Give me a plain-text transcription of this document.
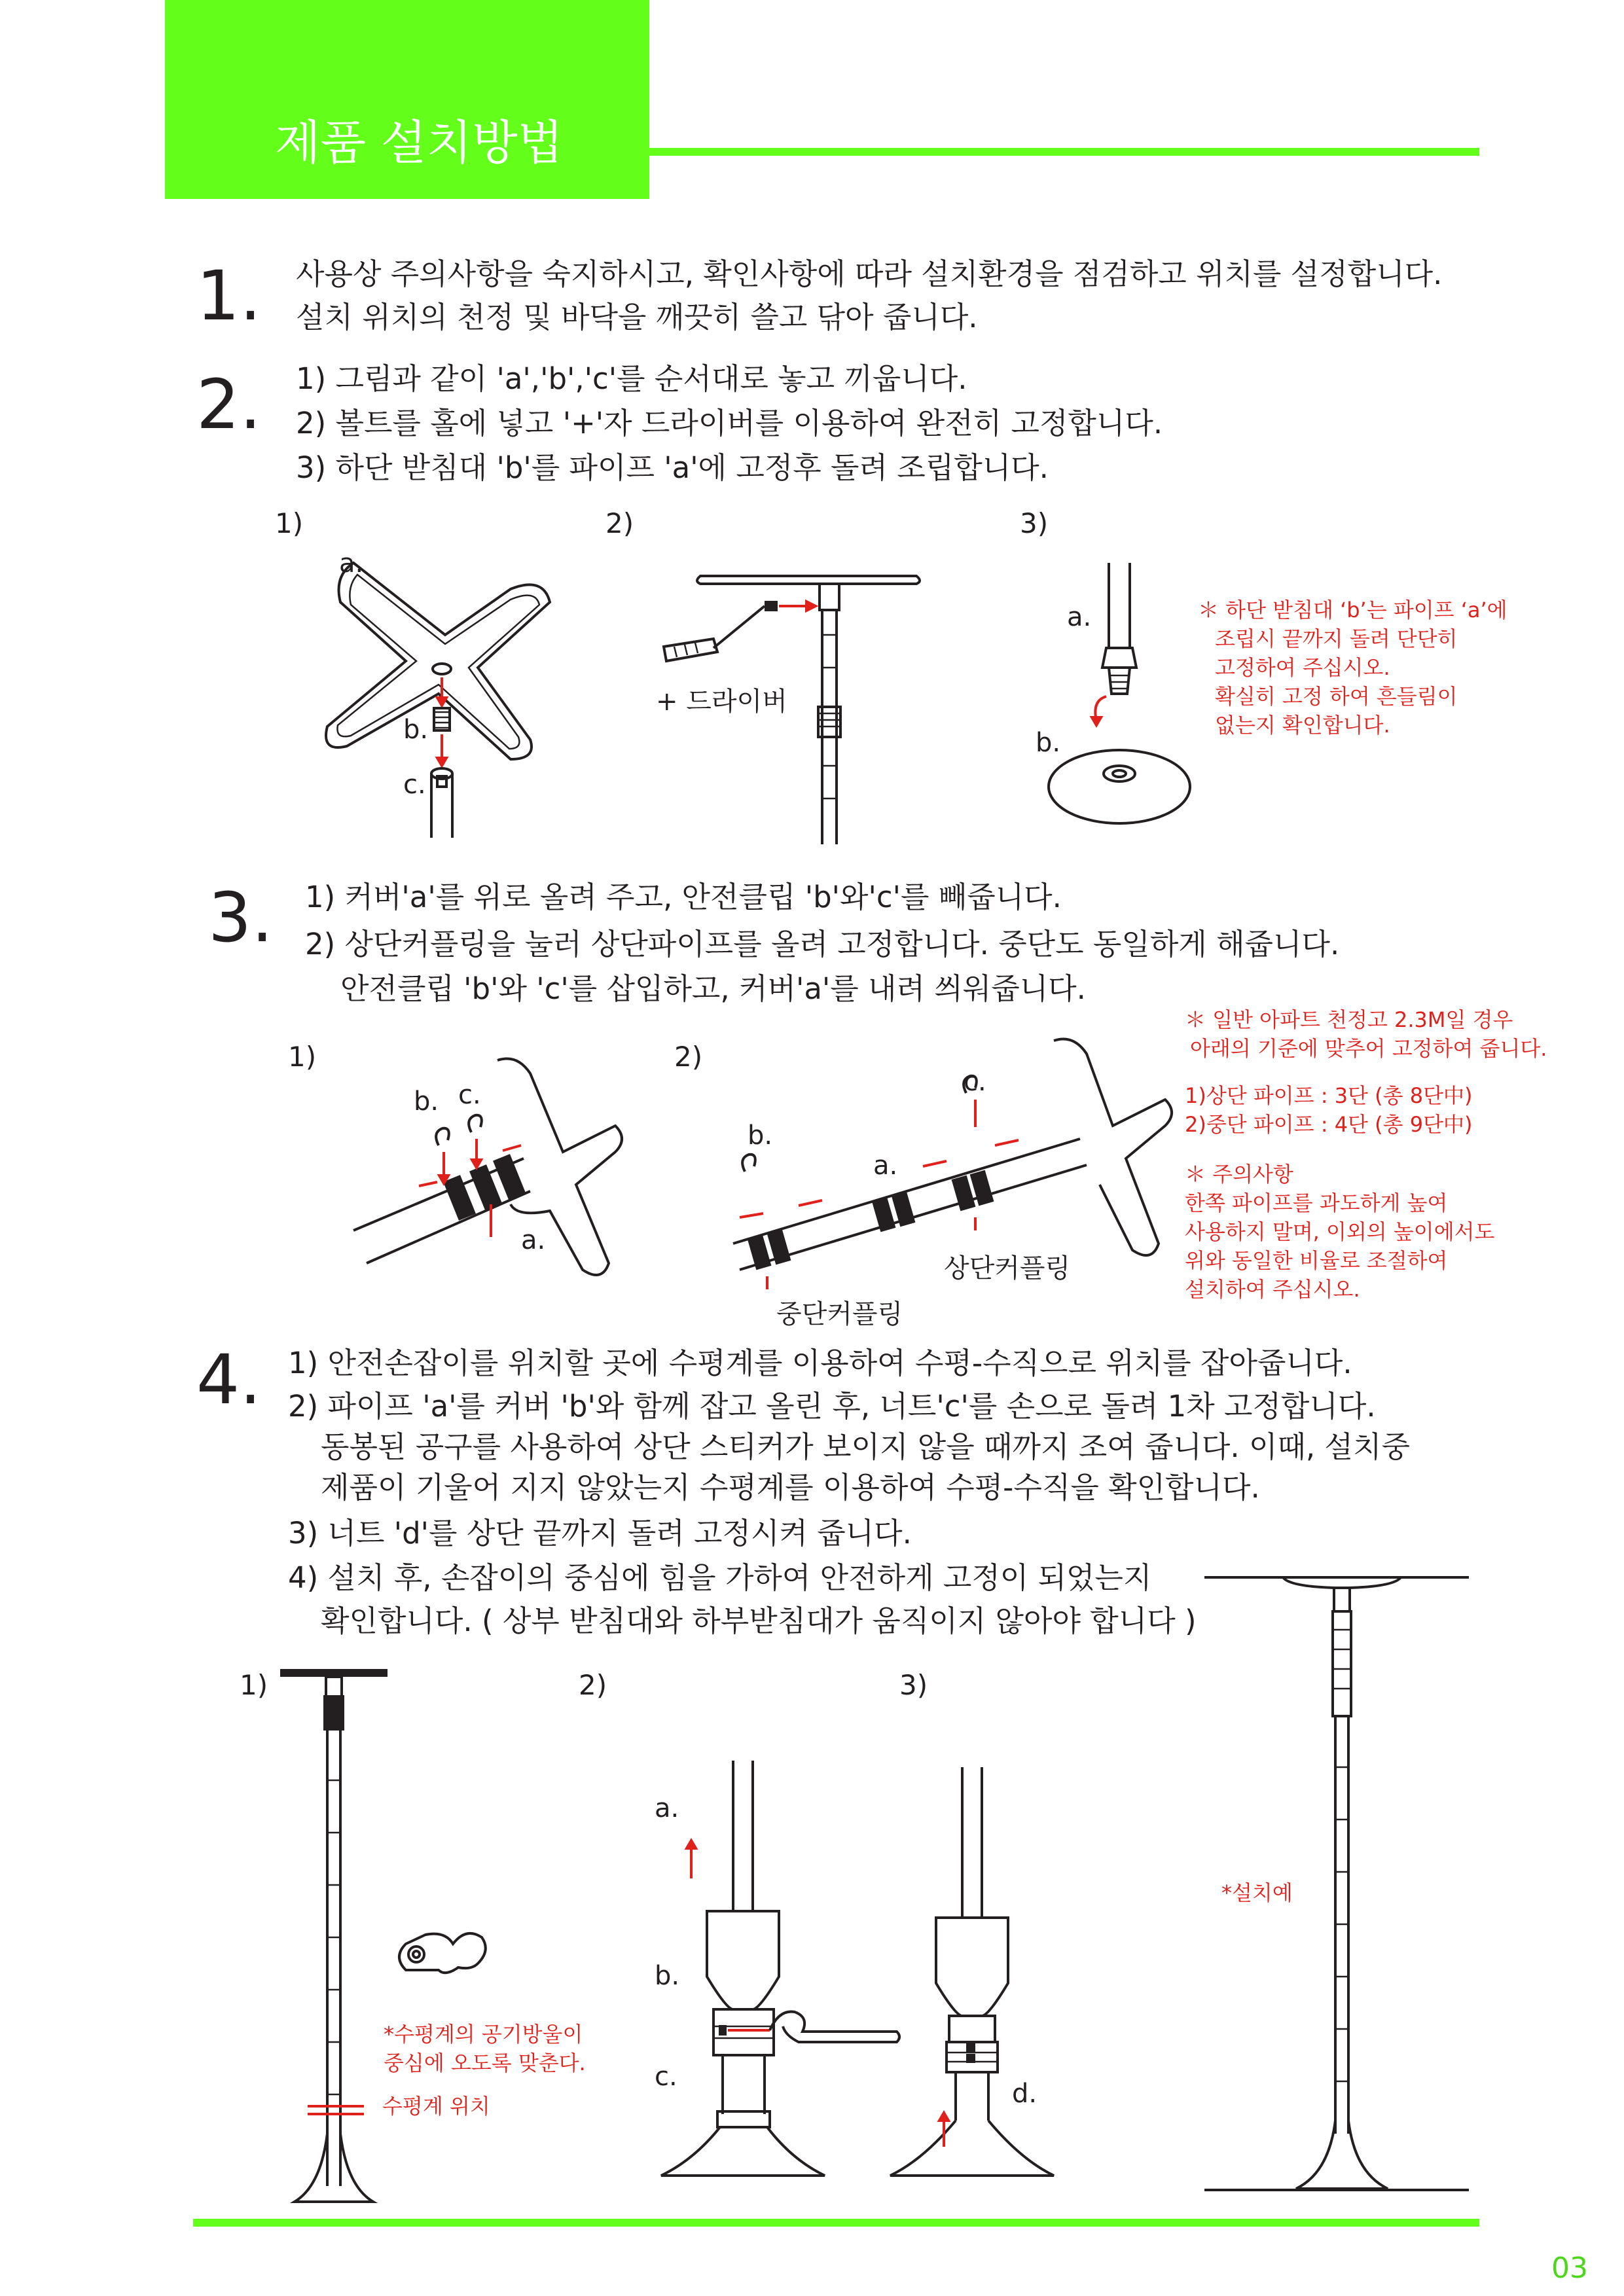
제품 설치방법
1. 사용상 주의사항을 숙지하시고, 확인사항에 따라 설치환경을 점검하고 위치를 설정합니다.
설치 위치의 천정 및 바닥을 깨끗히 쓸고 닦아 줍니다.
2. 1) 그림과 같이 'a','b','c'를 순서대로 놓고 끼웁니다.
2) 볼트를 홀에 넣고 '+'자 드라이버를 이용하여 완전히 고정합니다.
3) 하단 받침대 'b'를 파이프 'a'에 고정후 돌려 조립합니다.
1)	2)	3)
a.
b.
c.
+ 드라이버
a.
b.
＊ 하단 받침대 ‘b’는 파이프 ‘a’에
조립시 끝까지 돌려 단단히
고정하여 주십시오.
확실히 고정 하여 흔들림이
없는지 확인합니다.
3. 1) 커버'a'를 위로 올려 주고, 안전클립 'b'와'c'를 빼줍니다.
2) 상단커플링을 눌러 상단파이프를 올려 고정합니다. 중단도 동일하게 해줍니다.
안전클립 'b'와 'c'를 삽입하고, 커버'a'를 내려 씌워줍니다.
1)	2)
b. c.
a.
c.
b.
a.
상단커플링
중단커플링
＊ 일반 아파트 천정고 2.3M일 경우
아래의 기준에 맞추어 고정하여 줍니다.
1)상단 파이프 : 3단 (총 8단中)
2)중단 파이프 : 4단 (총 9단中)
＊ 주의사항
한쪽 파이프를 과도하게 높여
사용하지 말며, 이외의 높이에서도
위와 동일한 비율로 조절하여
설치하여 주십시오.
4. 1) 안전손잡이를 위치할 곳에 수평계를 이용하여 수평-수직으로 위치를 잡아줍니다.
2) 파이프 'a'를 커버 'b'와 함께 잡고 올린 후, 너트'c'를 손으로 돌려 1차 고정합니다.
동봉된 공구를 사용하여 상단 스티커가 보이지 않을 때까지 조여 줍니다. 이때, 설치중
제품이 기울어 지지 않았는지 수평계를 이용하여 수평-수직을 확인합니다.
3) 너트 'd'를 상단 끝까지 돌려 고정시켜 줍니다.
4) 설치 후, 손잡이의 중심에 힘을 가하여 안전하게 고정이 되었는지
확인합니다. ( 상부 받침대와 하부받침대가 움직이지 않아야 합니다 )
1)	2)	3)
*수평계의 공기방울이
중심에 오도록 맞춘다.
수평계 위치
a.
b.
c.
d.
*설치예
03
